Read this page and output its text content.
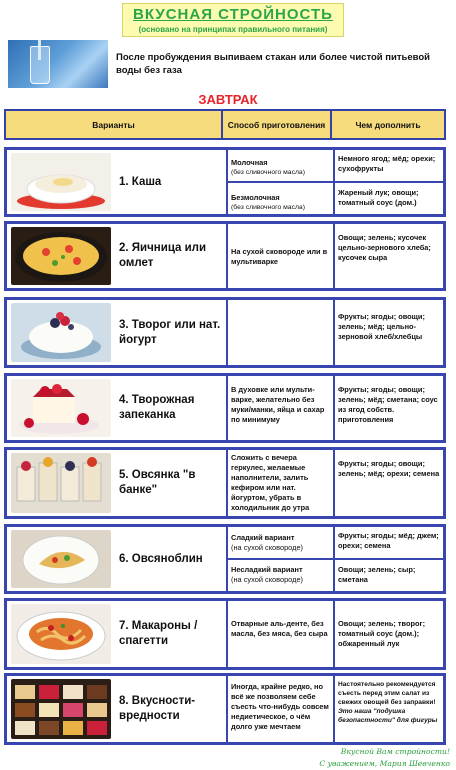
ВКУСНАЯ СТРОЙНОСТЬ
(основано на принципах правильного питания)
После пробуждения выпиваем стакан или более чистой питьевой воды без газа
ЗАВТРАК
Варианты	Способ приготовления	Чем дополнить
1. Каша
Молочная
(без сливочного масла)
Немного ягод; мёд; орехи; сухофрукты
Безмолочная
(без сливочного масла)
Жареный лук; овощи; томатный соус (дом.)
2. Яичница или омлет
На сухой сковороде или в мультиварке
Овощи; зелень; кусочек цельно-зернового хлеба; кусочек сыра
3. Творог или нат. йогурт
Фрукты; ягоды; овощи; зелень; мёд; цельно-зерновой хлеб/хлебцы
4. Творожная запеканка
В духовке или мульти-варке, желательно без муки/манки, яйца и сахар по минимуму
Фрукты; ягоды; овощи; зелень; мёд; сметана; соус из ягод собств. приготовления
5. Овсянка "в банке"
Сложить с вечера геркулес, желаемые наполнители, залить кефиром или нат. йогуртом, убрать в холодильник до утра
Фрукты; ягоды; овощи; зелень; мёд; орехи; семена
6. Овсяноблин
Сладкий вариант
(на сухой сковороде)
Фрукты; ягоды; мёд; джем; орехи; семена
Несладкий вариант
(на сухой сковороде)
Овощи; зелень; сыр; сметана
7. Макароны / спагетти
Отварные аль-денте, без масла, без мяса, без сыра
Овощи; зелень; творог; томатный соус (дом.); обжаренный лук
8. Вкусности-вредности
Иногда, крайне редко, но всё же позволяем себе съесть что-нибудь совсем недиетическое, о чём долго уже мечтаем
Настоятельно рекомендуется съесть перед этим салат из свежих овощей без заправки!
Это наша "подушка безопастности" для фигуры
Вкусной Вам стройности!
С уважением, Мария Шевченко
